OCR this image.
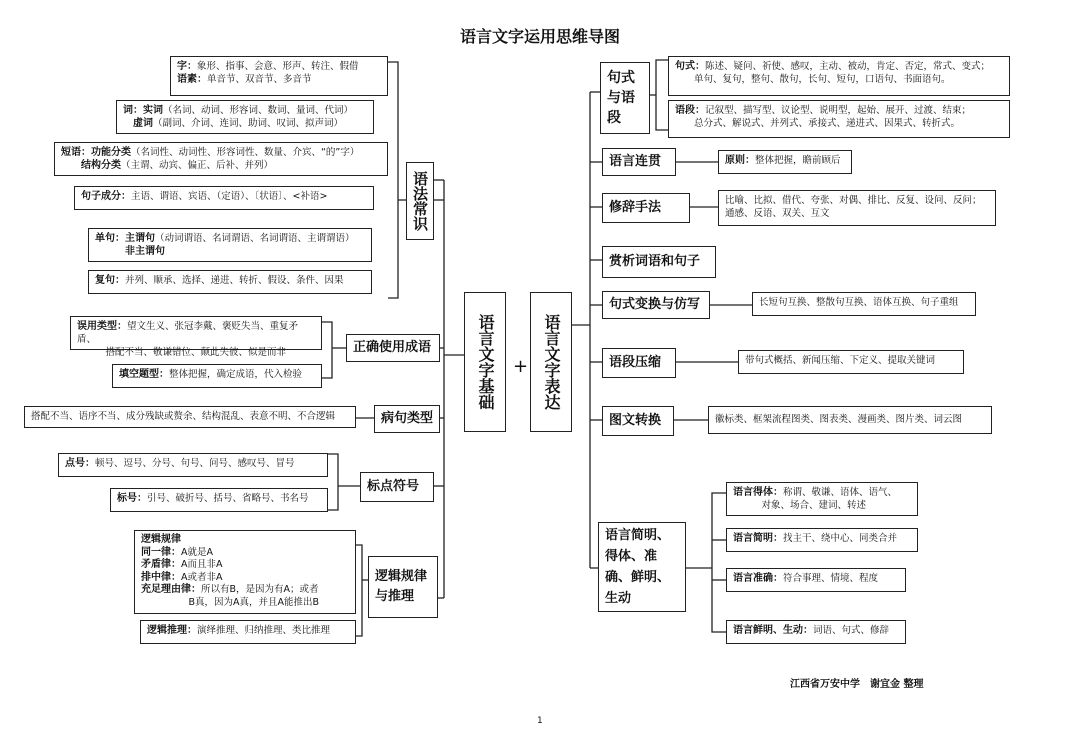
语言文字运用思维导图
字：象形、指事、会意、形声、转注、假借
语素：单音节、双音节、多音节
词：实词（名词、动词、形容词、数词、量词、代词）
　虚词（副词、介词、连词、助词、叹词、拟声词）
短语：功能分类（名词性、动词性、形容词性、数量、介宾、“的”字）
　　结构分类（主谓、动宾、偏正、后补、并列）
句子成分：主语、谓语、宾语、（定语）、〔状语〕、<补语>
单句：主谓句（动词谓语、名词谓语、名词谓语、主谓谓语）
　　　非主谓句
复句：并列、顺承、选择、递进、转折、假设、条件、因果
语法常识
误用类型：望文生义、张冠李戴、褒贬失当、重复矛盾、
　　　搭配不当、敬谦错位、颠此失彼、似是而非
填空题型：整体把握，确定成语，代入检验
正确使用成语
搭配不当、语序不当、成分残缺或赘余、结构混乱、表意不明、不合逻辑	病句类型
点号：顿号、逗号、分号、句号、问号、感叹号、冒号
标号：引号、破折号、括号、省略号、书名号
标点符号
逻辑规律
同一律：A就是A
矛盾律：A而且非A
排中律：A或者非A
充足理由律：所以有B，是因为有A；或者
　　　　　B真，因为A真，并且A能推出B
逻辑推理：演绎推理、归纳推理、类比推理
逻辑规律与推理
语言文字基础	+ 语言文字表达
句式与语段
句式：陈述、疑问、祈使、感叹，主动、被动，肯定、否定，常式、变式；
　　单句、复句，整句、散句，长句、短句，口语句、书面语句。
语段：记叙型、描写型、议论型、说明型，起始、展开、过渡、结束；
　　总分式、解说式、并列式、承接式、递进式、因果式、转折式。
语言连贯	原则：整体把握，瞻前顾后
修辞手法	比喻、比拟、借代、夸张、对偶、排比、反复、设问、反问；
通感、反语、双关、互文
赏析词语和句子
句式变换与仿写	长短句互换、整散句互换、语体互换、句子重组
语段压缩	带句式概括、新闻压缩、下定义、提取关键词
图文转换	徽标类、框架流程图类、图表类、漫画类、图片类、词云图
语言简明、得体、准确、鲜明、生动
语言得体：称谓、敬谦、语体、语气、
　　　对象、场合、建词、转述
语言简明：找主干、绕中心、同类合并
语言准确：符合事理、情境、程度
语言鲜明、生动：词语、句式、修辞
江西省万安中学　谢宜金 整理
1
